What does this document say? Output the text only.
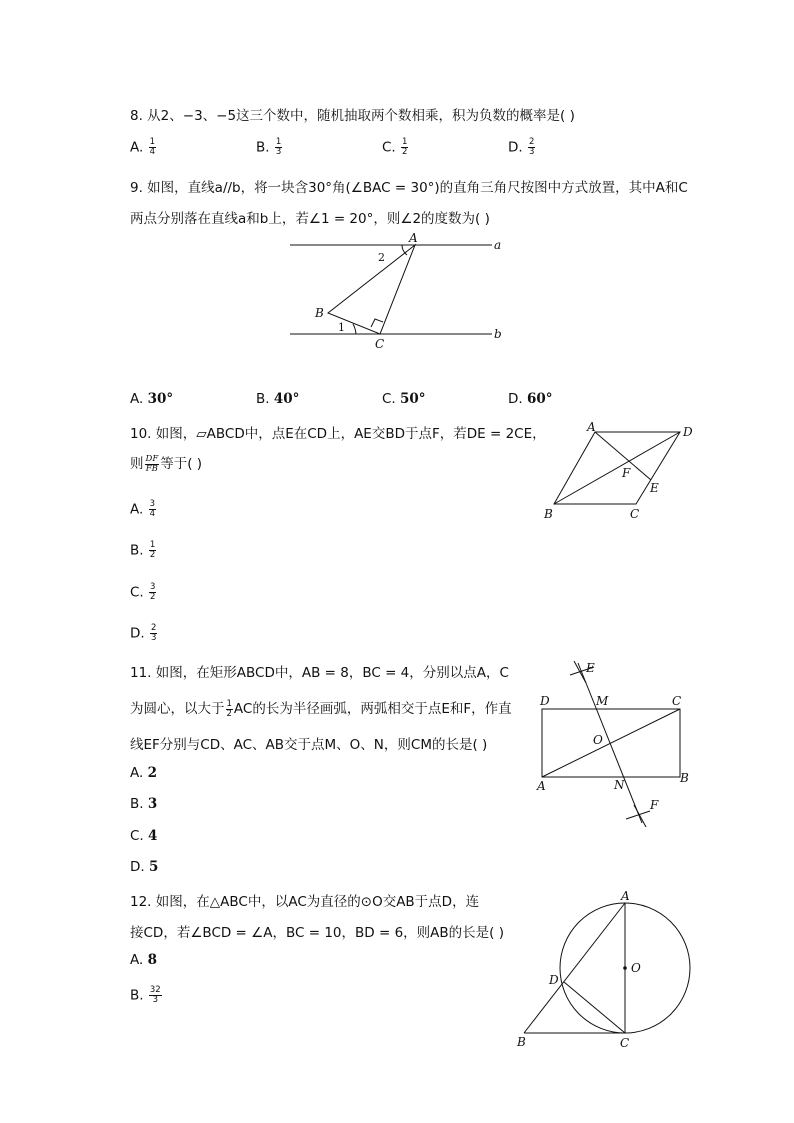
8. 从2、−3、−5这三个数中，随机抽取两个数相乘，积为负数的概率是( )
A. $\frac{1}{4}$	B. $\frac{1}{3}$	C. $\frac{1}{2}$	D. $\frac{2}{3}$
9. 如图，直线a//b，将一块含30°角(∠BAC = 30°)的直角三角尺按图中方式放置，其中A和C
两点分别落在直线a和b上，若∠1 = 20°，则∠2的度数为( )
A
B
C
a
b
1
2
A. 30°	B. 40°	C. 50°	D. 60°
10. 如图，▱ABCD中，点E在CD上，AE交BD于点F，若DE = 2CE，
则 $\frac{DF}{FB}$ 等于( )
A	D
B	C
E
F
A. $\frac{3}{4}$
B. $\frac{1}{2}$
C. $\frac{3}{2}$
D. $\frac{2}{3}$
11. 如图，在矩形ABCD中，AB = 8，BC = 4，分别以点A，C
为圆心，以大于 $\frac{1}{2}$ AC的长为半径画弧，两弧相交于点E和F，作直
线EF分别与CD、AC、AB交于点M、O、N，则CM的长是( )
E
D	M	C
O
A	N	B
F
A. 2
B. 3
C. 4
D. 5
12. 如图，在△ABC中，以AC为直径的⊙O交AB于点D，连
接CD，若∠BCD = ∠A，BC = 10，BD = 6，则AB的长是( )
A. 8
B. $\frac{32}{3}$
A
O
D
B	C
